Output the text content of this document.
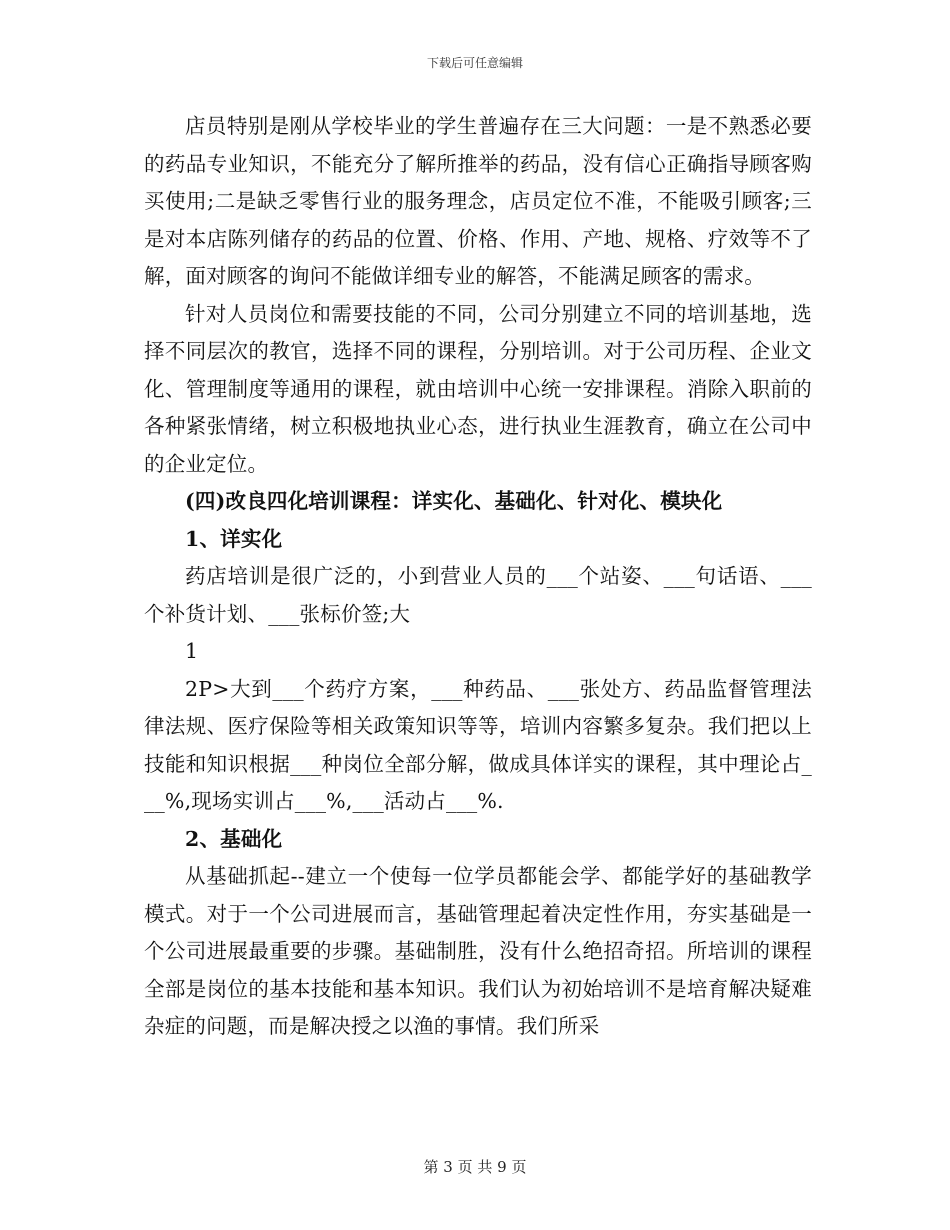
下载后可任意编辑

店员特别是刚从学校毕业的学生普遍存在三大问题：一是不熟悉必要的药品专业知识，不能充分了解所推举的药品，没有信心正确指导顾客购买使用;二是缺乏零售行业的服务理念，店员定位不准，不能吸引顾客;三是对本店陈列储存的药品的位置、价格、作用、产地、规格、疗效等不了解，面对顾客的询问不能做详细专业的解答，不能满足顾客的需求。

针对人员岗位和需要技能的不同，公司分别建立不同的培训基地，选择不同层次的教官，选择不同的课程，分别培训。对于公司历程、企业文化、管理制度等通用的课程，就由培训中心统一安排课程。消除入职前的各种紧张情绪，树立积极地执业心态，进行执业生涯教育，确立在公司中的企业定位。

(四)改良四化培训课程：详实化、基础化、针对化、模块化

1、详实化

药店培训是很广泛的，小到营业人员的___个站姿、___句话语、___个补货计划、___张标价签;大

1

2P>大到___个药疗方案，___种药品、___张处方、药品监督管理法律法规、医疗保险等相关政策知识等等，培训内容繁多复杂。我们把以上技能和知识根据___种岗位全部分解，做成具体详实的课程，其中理论占___%,现场实训占___%,___活动占___%.

2、基础化

从基础抓起--建立一个使每一位学员都能会学、都能学好的基础教学模式。对于一个公司进展而言，基础管理起着决定性作用，夯实基础是一个公司进展最重要的步骤。基础制胜，没有什么绝招奇招。所培训的课程全部是岗位的基本技能和基本知识。我们认为初始培训不是培育解决疑难杂症的问题，而是解决授之以渔的事情。我们所采

第 3 页 共 9 页
